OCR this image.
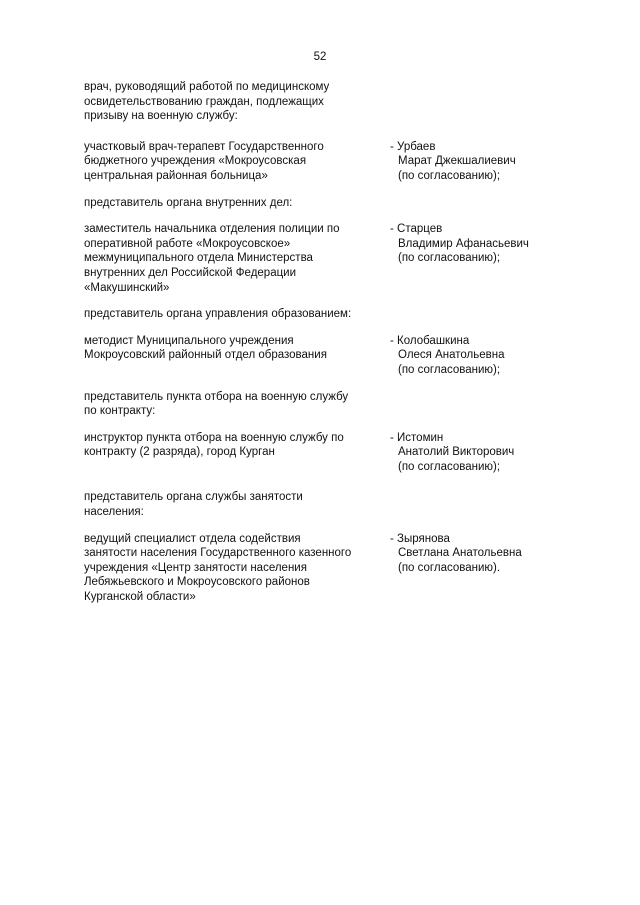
52
врач, руководящий работой по медицинскому
освидетельствованию граждан, подлежащих
призыву на военную службу:
участковый врач-терапевт Государственного
бюджетного учреждения «Мокроусовская
центральная районная больница»
- Урбаев
Марат Джекшалиевич
(по согласованию);
представитель органа внутренних дел:
заместитель начальника отделения полиции по
оперативной работе «Мокроусовское»
межмуниципального отдела Министерства
внутренних дел Российской Федерации
«Макушинский»
- Старцев
Владимир Афанасьевич
(по согласованию);
представитель органа управления образованием:
методист Муниципального учреждения
Мокроусовский районный отдел образования
- Колобашкина
Олеся Анатольевна
(по согласованию);
представитель пункта отбора на военную службу
по контракту:
инструктор пункта отбора на военную службу по
контракту (2 разряда), город Курган
- Истомин
Анатолий Викторович
(по согласованию);
представитель органа службы занятости
населения:
ведущий специалист отдела содействия
занятости населения Государственного казенного
учреждения «Центр занятости населения
Лебяжьевского и Мокроусовского районов
Курганской области»
- Зырянова
Светлана Анатольевна
(по согласованию).
